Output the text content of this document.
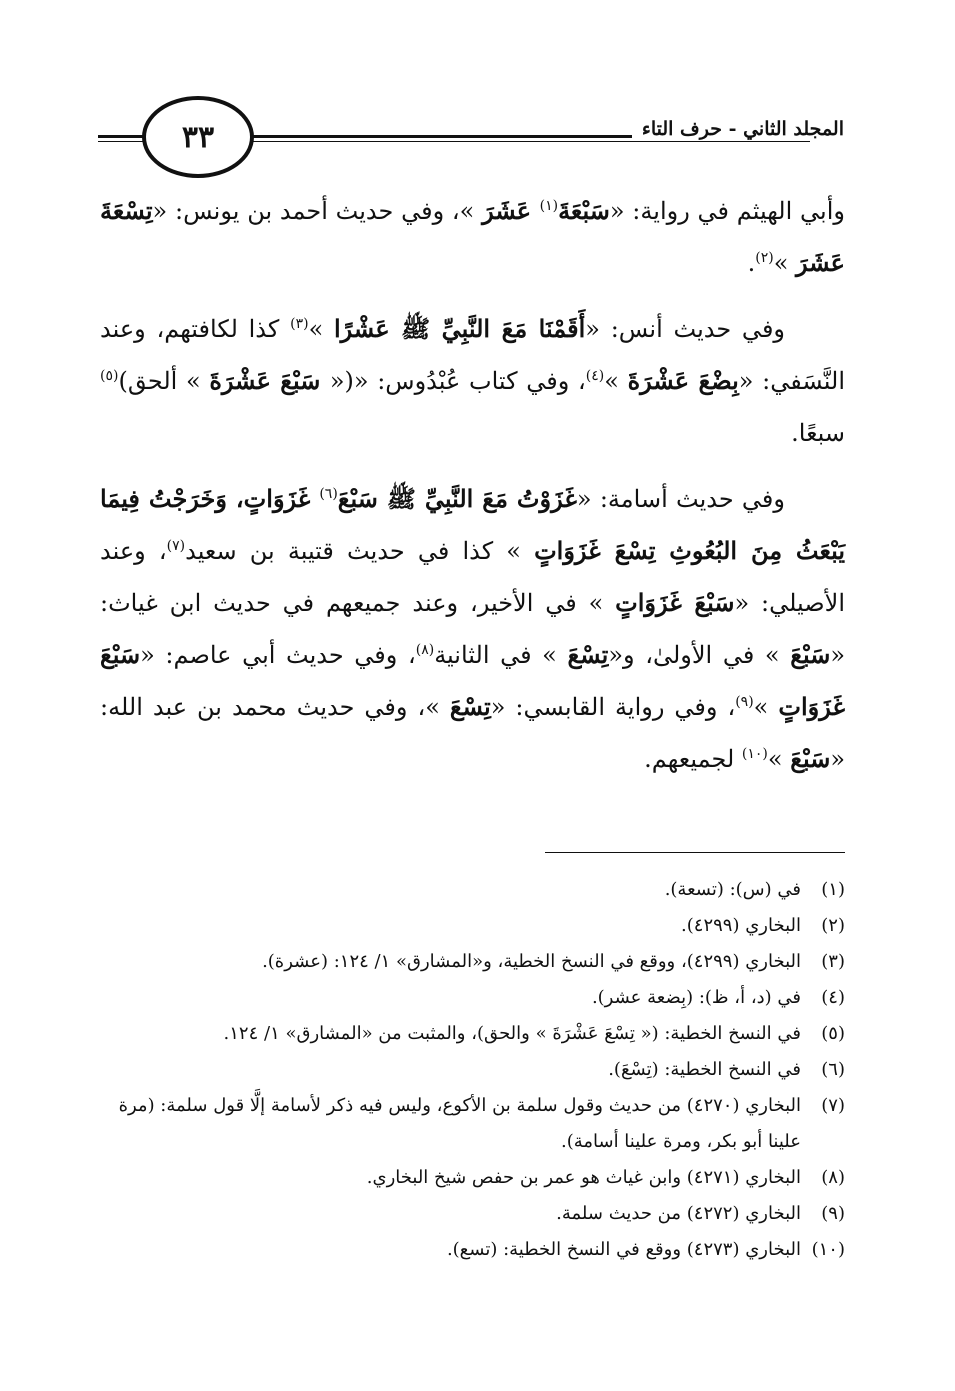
٣٣	المجلد الثاني - حرف التاء

وأبي الهيثم في رواية: «سَبْعَةَ$^{(١)}$ عَشَرَ »، وفي حديث أحمد بن يونس: «تِسْعَةَ عَشَرَ »$^{(٢)}$.

وفي حديث أنس: «أَقَمْنَا مَعَ النَّبِيِّ ﷺ عَشْرًا »$^{(٣)}$ كذا لكافتهم، وعند النَّسَفي: «بِضْعَ عَشْرَةَ »$^{(٤)}$، وفي كتاب عُبْدُوس: «(« سَبْعَ عَشْرَةَ » ألحق)$^{(٥)}$ سبعًا.

وفي حديث أسامة: «غَزَوْتُ مَعَ النَّبِيِّ ﷺ سَبْعَ$^{(٦)}$ غَزَوَاتٍ، وَخَرَجْتُ فِيمَا يَبْعَثُ مِنَ البُعُوثِ تِسْعَ غَزَوَاتٍ » كذا في حديث قتيبة بن سعيد$^{(٧)}$، وعند الأصيلي: «سَبْعَ غَزَوَاتٍ » في الأخير، وعند جميعهم في حديث ابن غياث: «سَبْعَ » في الأولىٰ، و«تِسْعَ » في الثانية$^{(٨)}$، وفي حديث أبي عاصم: «سَبْعَ غَزَوَاتٍ »$^{(٩)}$، وفي رواية القابسي: «تِسْعَ »، وفي حديث محمد بن عبد الله: «سَبْعَ »$^{(١٠)}$ لجميعهم.

(١)
في (س): (تسعة).
(٢)
البخاري (٤٢٩٩).
(٣)
البخاري (٤٢٩٩)، ووقع في النسخ الخطية، و«المشارق» ١/ ١٢٤: (عشرة).
(٤)
في (د، أ، ظ): (بِضعة عشر).
(٥)
في النسخ الخطية: (« تِسْعَ عَشْرَةَ » والحق)، والمثبت من «المشارق» ١/ ١٢٤.
(٦)
في النسخ الخطية: (تِسْعَ).
(٧)
البخاري (٤٢٧٠) من حديث وقول سلمة بن الأكوع، وليس فيه ذكر لأسامة إلَّا قول سلمة: (مرة علينا أبو بكر، ومرة علينا أسامة).
(٨)
البخاري (٤٢٧١) وابن غياث هو عمر بن حفص شيخ البخاري.
(٩)
البخاري (٤٢٧٢) من حديث سلمة.
(١٠)
البخاري (٤٢٧٣) ووقع في النسخ الخطية: (تسع).
